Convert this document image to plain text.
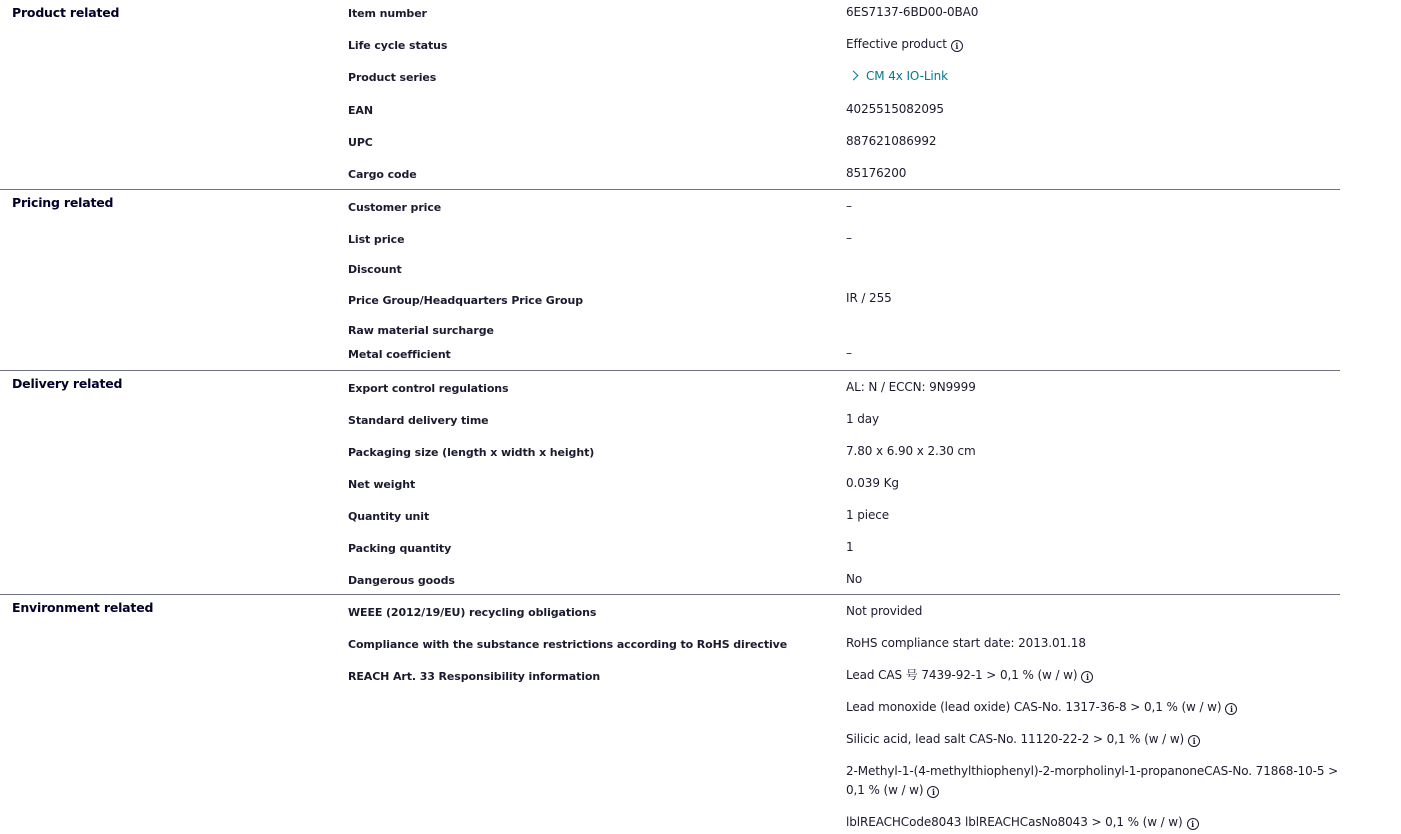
Product related	Item number	6ES7137-6BD00-0BA0
Life cycle status	Effective product i
Product series	CM 4x IO-Link
EAN	4025515082095
UPC	887621086992
Cargo code	85176200
Pricing related	Customer price	–
List price	–
Discount
Price Group/Headquarters Price Group	IR / 255
Raw material surcharge
Metal coefficient	–
Delivery related	Export control regulations	AL: N / ECCN: 9N9999
Standard delivery time	1 day
Packaging size (length x width x height)	7.80 x 6.90 x 2.30 cm
Net weight	0.039 Kg
Quantity unit	1 piece
Packing quantity	1
Dangerous goods	No
Environment related	WEEE (2012/19/EU) recycling obligations	Not provided
Compliance with the substance restrictions according to RoHS directive	RoHS compliance start date: 2013.01.18
REACH Art. 33 Responsibility information	Lead CAS 号 7439-92-1 > 0,1 % (w / w) i
Lead monoxide (lead oxide) CAS-No. 1317-36-8 > 0,1 % (w / w) i
Silicic acid, lead salt CAS-No. 11120-22-2 > 0,1 % (w / w) i
2-Methyl-1-(4-methylthiophenyl)-2-morpholinyl-1-propanoneCAS-No. 71868-10-5 > 0,1 % (w / w) i
lblREACHCode8043 lblREACHCasNo8043 > 0,1 % (w / w) i
